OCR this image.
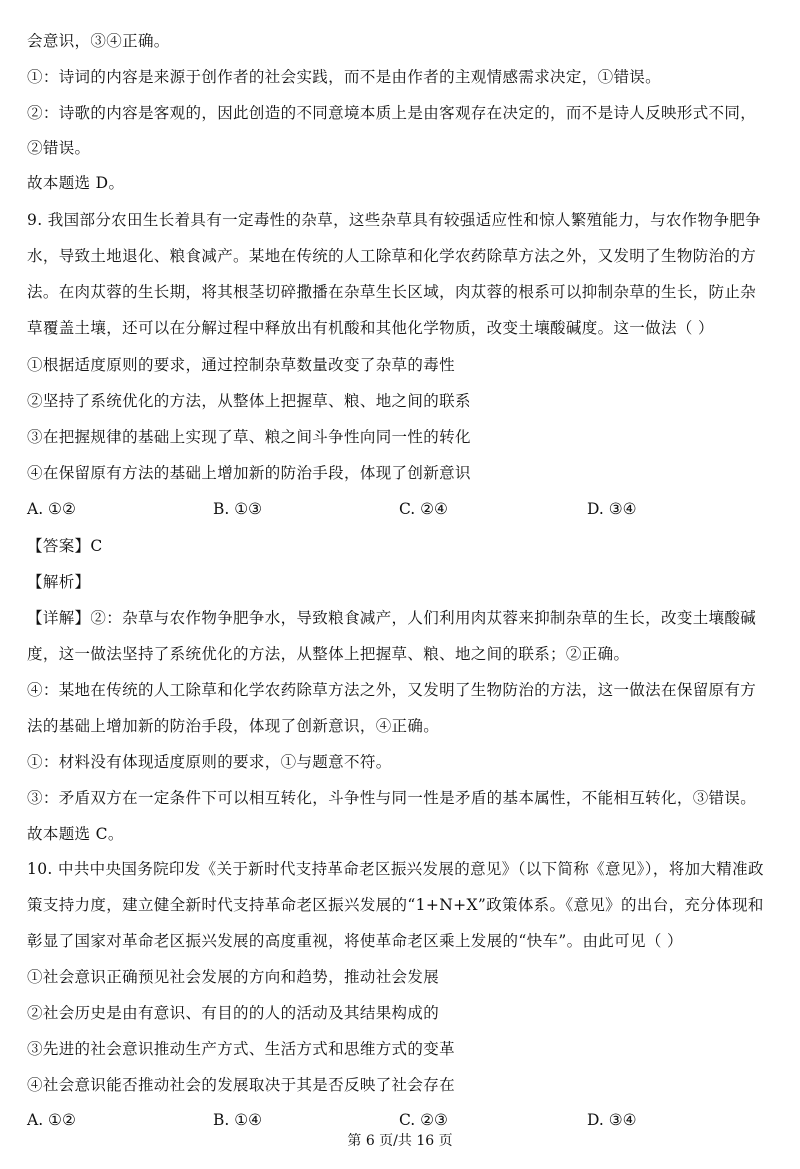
会意识，③④正确。
①：诗词的内容是来源于创作者的社会实践，而不是由作者的主观情感需求决定，①错误。
②：诗歌的内容是客观的，因此创造的不同意境本质上是由客观存在决定的，而不是诗人反映形式不同，
②错误。
故本题选 D。
9. 我国部分农田生长着具有一定毒性的杂草，这些杂草具有较强适应性和惊人繁殖能力，与农作物争肥争
水，导致土地退化、粮食减产。某地在传统的人工除草和化学农药除草方法之外，又发明了生物防治的方
法。在肉苁蓉的生长期，将其根茎切碎撒播在杂草生长区域，肉苁蓉的根系可以抑制杂草的生长，防止杂
草覆盖土壤，还可以在分解过程中释放出有机酸和其他化学物质，改变土壤酸碱度。这一做法（ ）
①根据适度原则的要求，通过控制杂草数量改变了杂草的毒性
②坚持了系统优化的方法，从整体上把握草、粮、地之间的联系
③在把握规律的基础上实现了草、粮之间斗争性向同一性的转化
④在保留原有方法的基础上增加新的防治手段，体现了创新意识
A. ①②	B. ①③	C. ②④	D. ③④
【答案】C
【解析】
【详解】②：杂草与农作物争肥争水，导致粮食减产，人们利用肉苁蓉来抑制杂草的生长，改变土壤酸碱
度，这一做法坚持了系统优化的方法，从整体上把握草、粮、地之间的联系；②正确。
④：某地在传统的人工除草和化学农药除草方法之外，又发明了生物防治的方法，这一做法在保留原有方
法的基础上增加新的防治手段，体现了创新意识，④正确。
①：材料没有体现适度原则的要求，①与题意不符。
③：矛盾双方在一定条件下可以相互转化，斗争性与同一性是矛盾的基本属性，不能相互转化，③错误。
故本题选 C。
10. 中共中央国务院印发《关于新时代支持革命老区振兴发展的意见》（以下简称《意见》），将加大精准政
策支持力度，建立健全新时代支持革命老区振兴发展的“1+N+X”政策体系。《意见》的出台，充分体现和
彰显了国家对革命老区振兴发展的高度重视，将使革命老区乘上发展的“快车”。由此可见（ ）
①社会意识正确预见社会发展的方向和趋势，推动社会发展
②社会历史是由有意识、有目的的人的活动及其结果构成的
③先进的社会意识推动生产方式、生活方式和思维方式的变革
④社会意识能否推动社会的发展取决于其是否反映了社会存在
A. ①②	B. ①④	C. ②③	D. ③④
第 6 页/共 16 页
